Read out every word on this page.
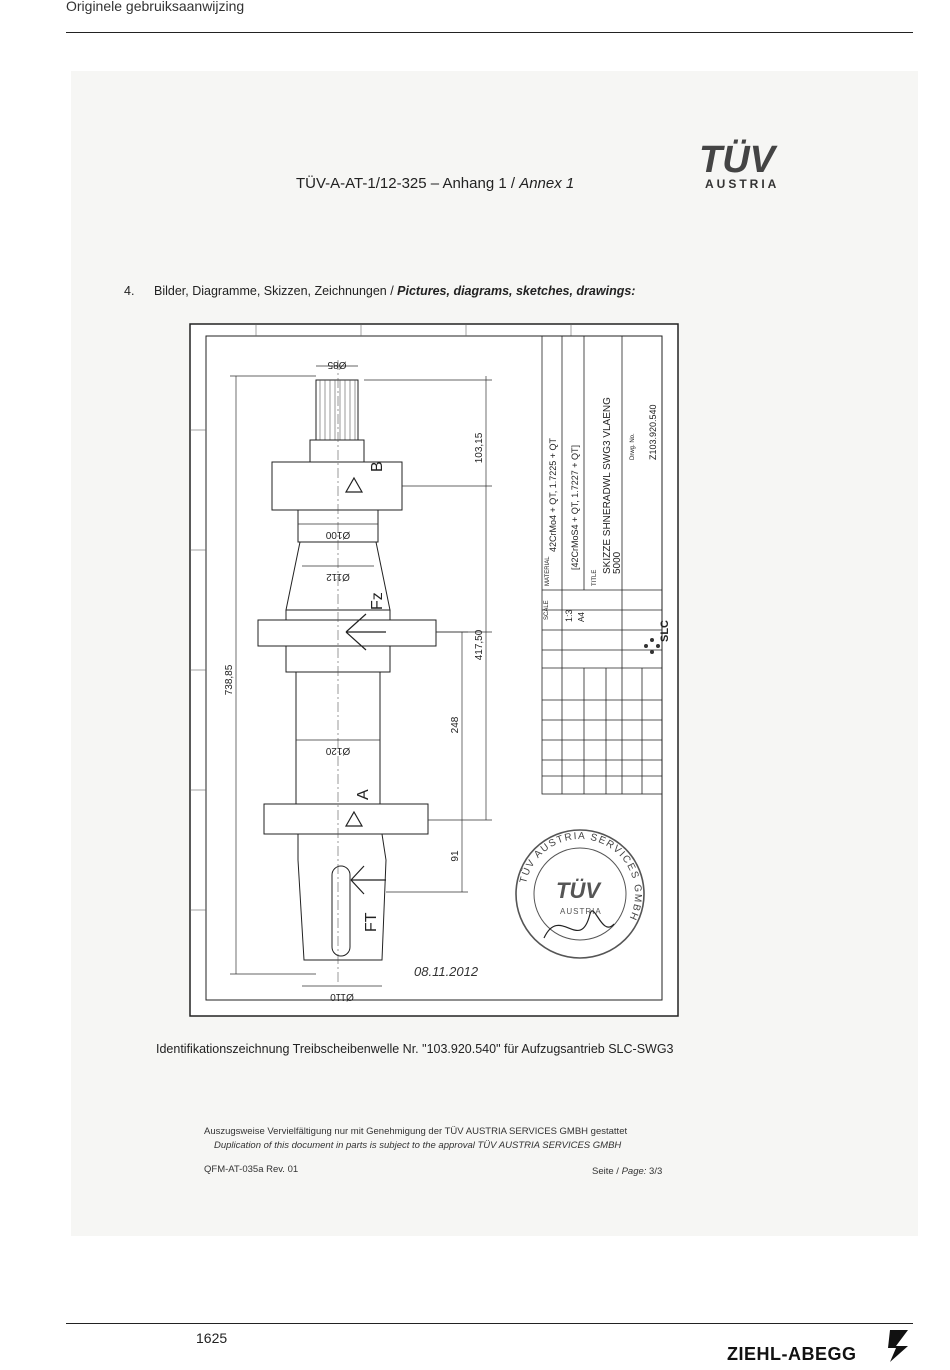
Originele gebruiksaanwijzing
TÜV-A-AT-1/12-325 – Anhang 1 / Annex 1
TÜV
AUSTRIA
4. Bilder, Diagramme, Skizzen, Zeichnungen / Pictures, diagrams, sketches, drawings:
Ø85
Ø100
Ø112
Ø120
Ø110
103,15
417,50
248
91
738,85
B
Fz
A
FT
MATERIAL
42CrMo4 + QT, 1.7225 + QT [42CrMoS4 + QT, 1.7227 + QT]
TITLE
SKIZZE SHNERADWL SWG3 VLAENG 5000
Drwg. No. Z103.920.540
SCALE 1:3 A4
SLC
TÜV AUSTRIA SERVICES GMBH
TÜV
AUSTRIA
08.11.2012
Identifikationszeichnung Treibscheibenwelle Nr. "103.920.540" für Aufzugsantrieb SLC-SWG3
Auszugsweise Vervielfältigung nur mit Genehmigung der TÜV AUSTRIA SERVICES GMBH gestattet
Duplication of this document in parts is subject to the approval TÜV AUSTRIA SERVICES GMBH
QFM-AT-035a Rev. 01	Seite / Page: 3/3
1625
ZIEHL-ABEGG
